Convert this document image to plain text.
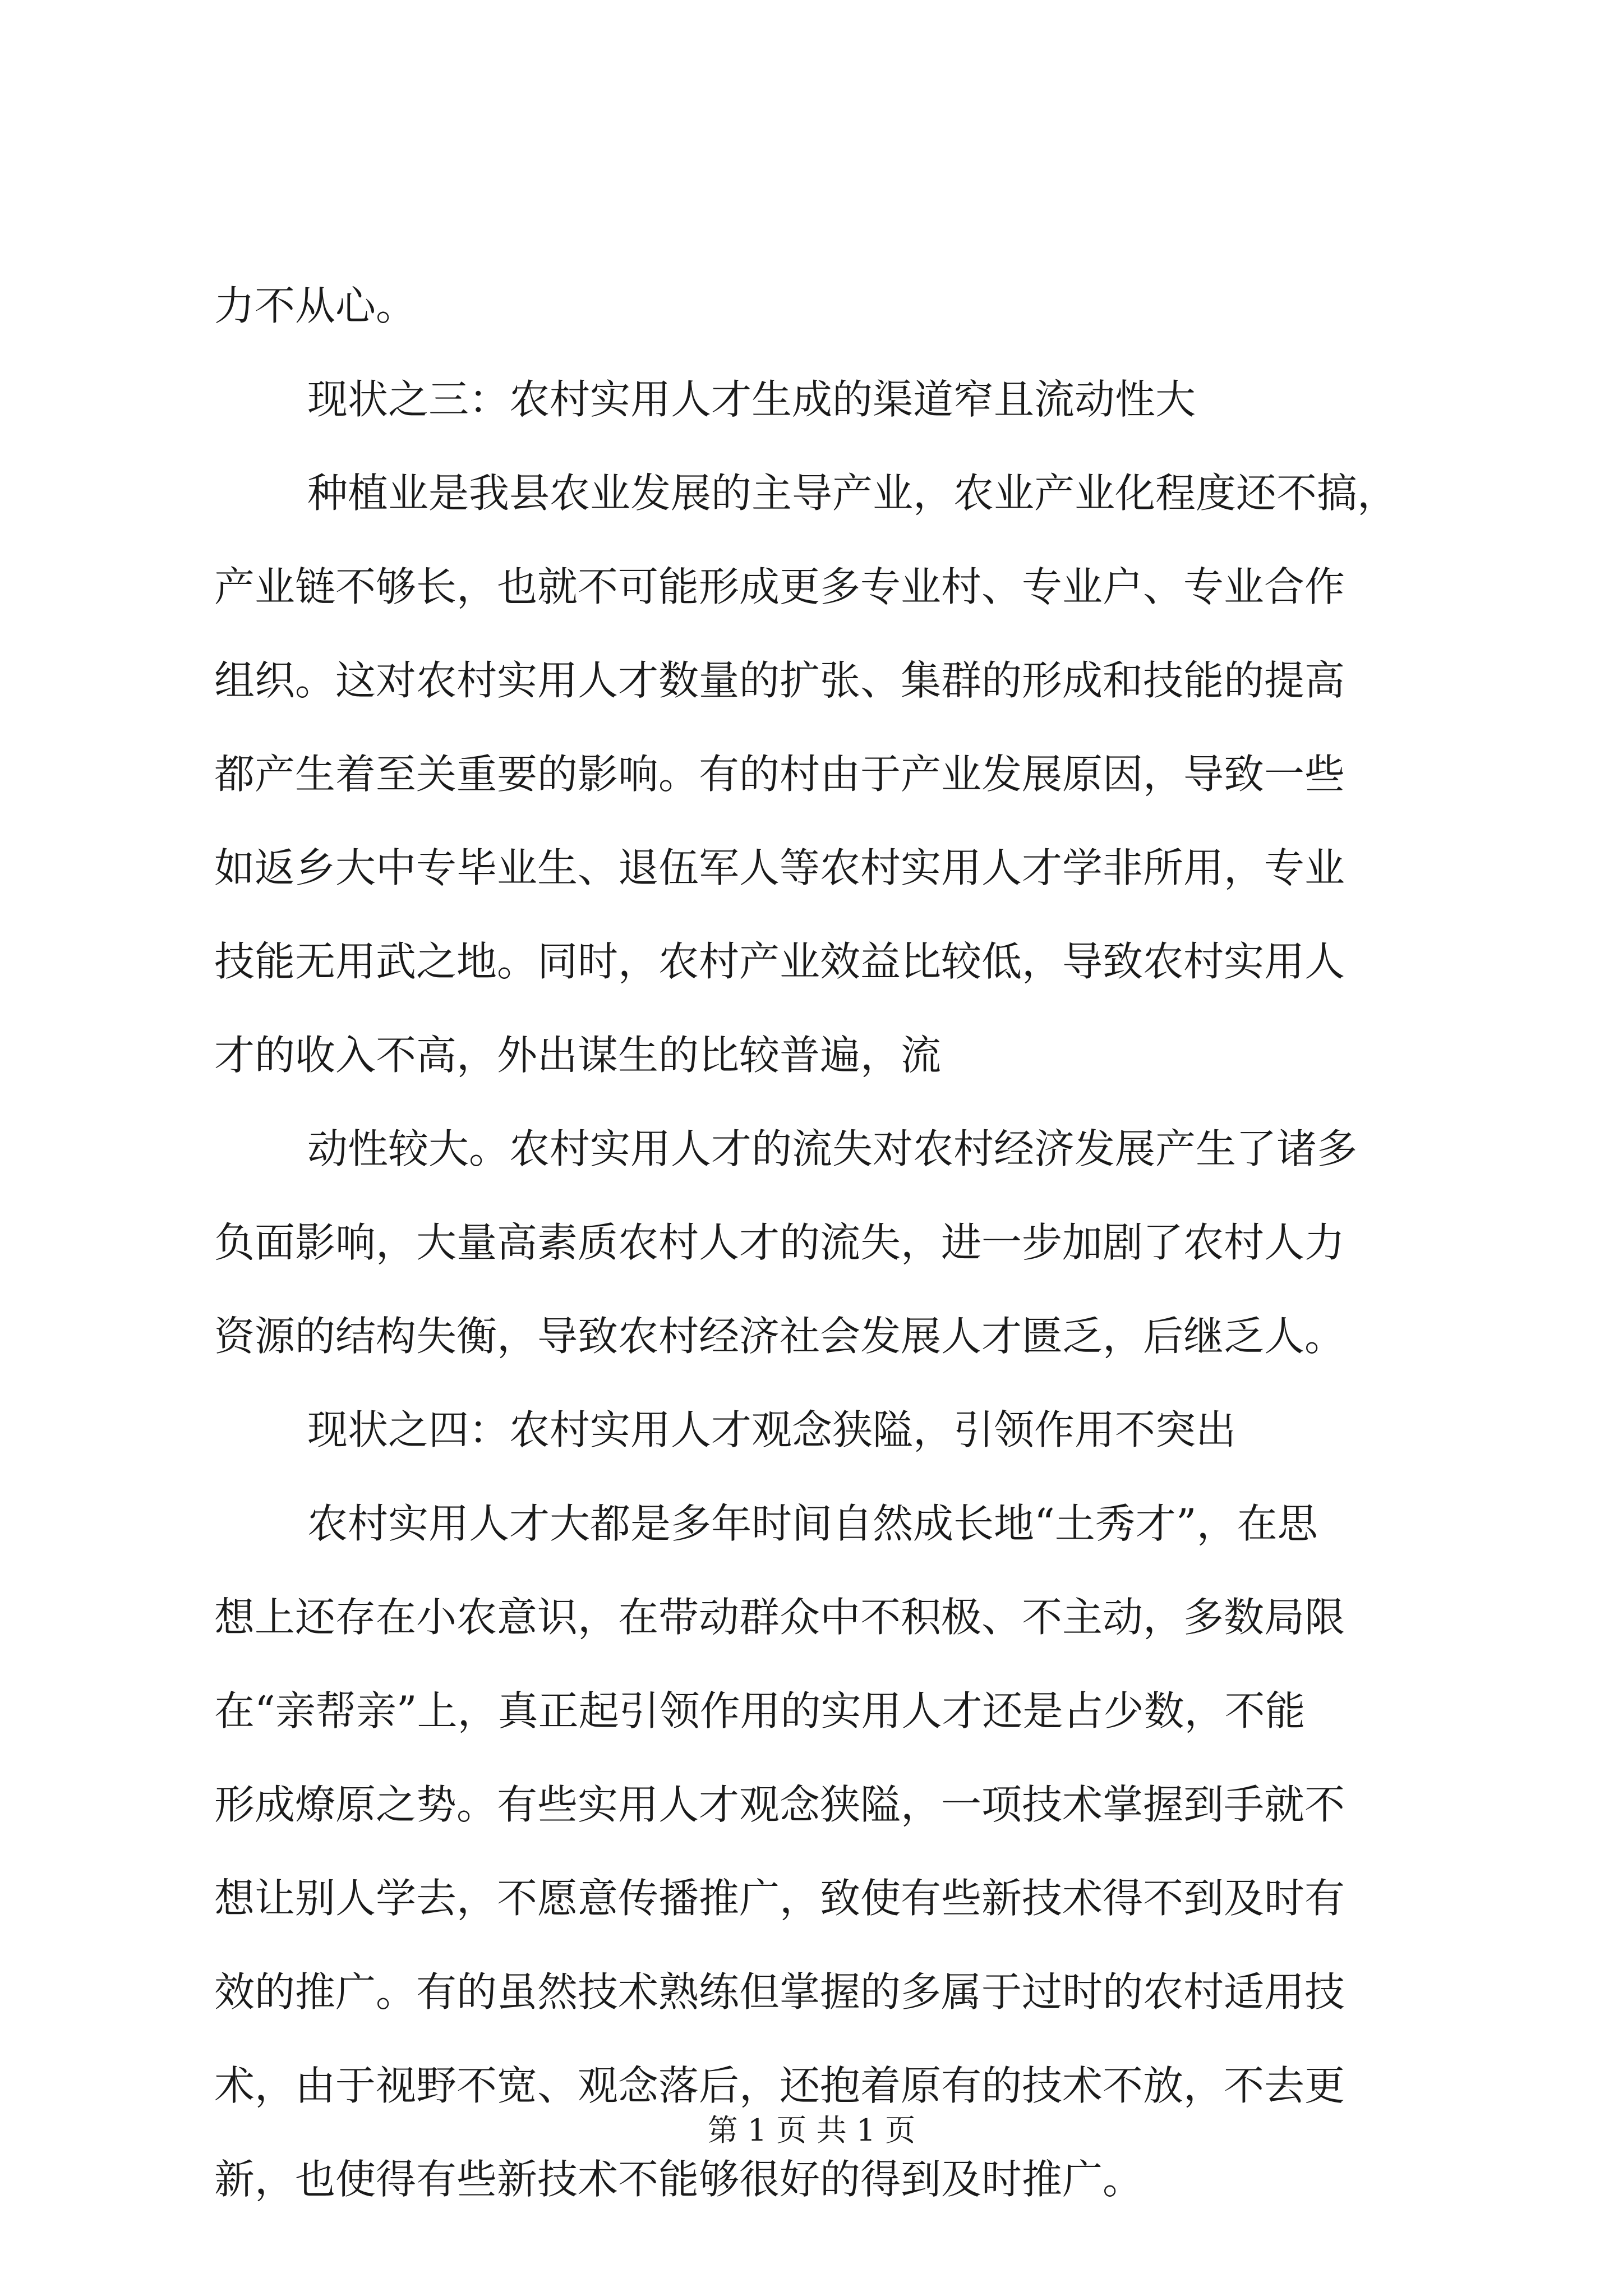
力不从心。
现状之三：农村实用人才生成的渠道窄且流动性大
种植业是我县农业发展的主导产业，农业产业化程度还不搞，
产业链不够长，也就不可能形成更多专业村、专业户、专业合作
组织。这对农村实用人才数量的扩张、集群的形成和技能的提高
都产生着至关重要的影响。有的村由于产业发展原因，导致一些
如返乡大中专毕业生、退伍军人等农村实用人才学非所用，专业
技能无用武之地。同时，农村产业效益比较低，导致农村实用人
才的收入不高，外出谋生的比较普遍，流
动性较大。农村实用人才的流失对农村经济发展产生了诸多
负面影响，大量高素质农村人才的流失，进一步加剧了农村人力
资源的结构失衡，导致农村经济社会发展人才匮乏，后继乏人。
现状之四：农村实用人才观念狭隘，引领作用不突出
农村实用人才大都是多年时间自然成长地“土秀才”，在思
想上还存在小农意识，在带动群众中不积极、不主动，多数局限
在“亲帮亲”上，真正起引领作用的实用人才还是占少数，不能
形成燎原之势。有些实用人才观念狭隘，一项技术掌握到手就不
想让别人学去，不愿意传播推广，致使有些新技术得不到及时有
效的推广。有的虽然技术熟练但掌握的多属于过时的农村适用技
术，由于视野不宽、观念落后，还抱着原有的技术不放，不去更
新，也使得有些新技术不能够很好的得到及时推广。
第 1 页 共 1 页
